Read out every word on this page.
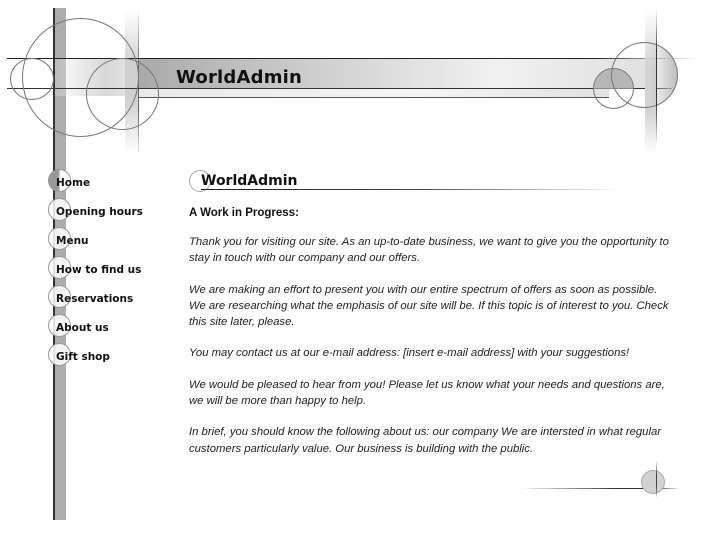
WorldAdmin
Home
Opening hours
Menu
How to find us
Reservations
About us
Gift shop
WorldAdmin

A Work in Progress:

Thank you for visiting our site. As an up-to-date business, we want to give you the opportunity to stay in touch with our company and our offers.

We are making an effort to present you with our entire spectrum of offers as soon as possible. We are researching what the emphasis of our site will be. If this topic is of interest to you. Check this site later, please.

You may contact us at our e-mail address: [insert e-mail address] with your suggestions!

We would be pleased to hear from you! Please let us know what your needs and questions are, we will be more than happy to help.

In brief, you should know the following about us: our company We are intersted in what regular customers particularly value. Our business is building with the public.
